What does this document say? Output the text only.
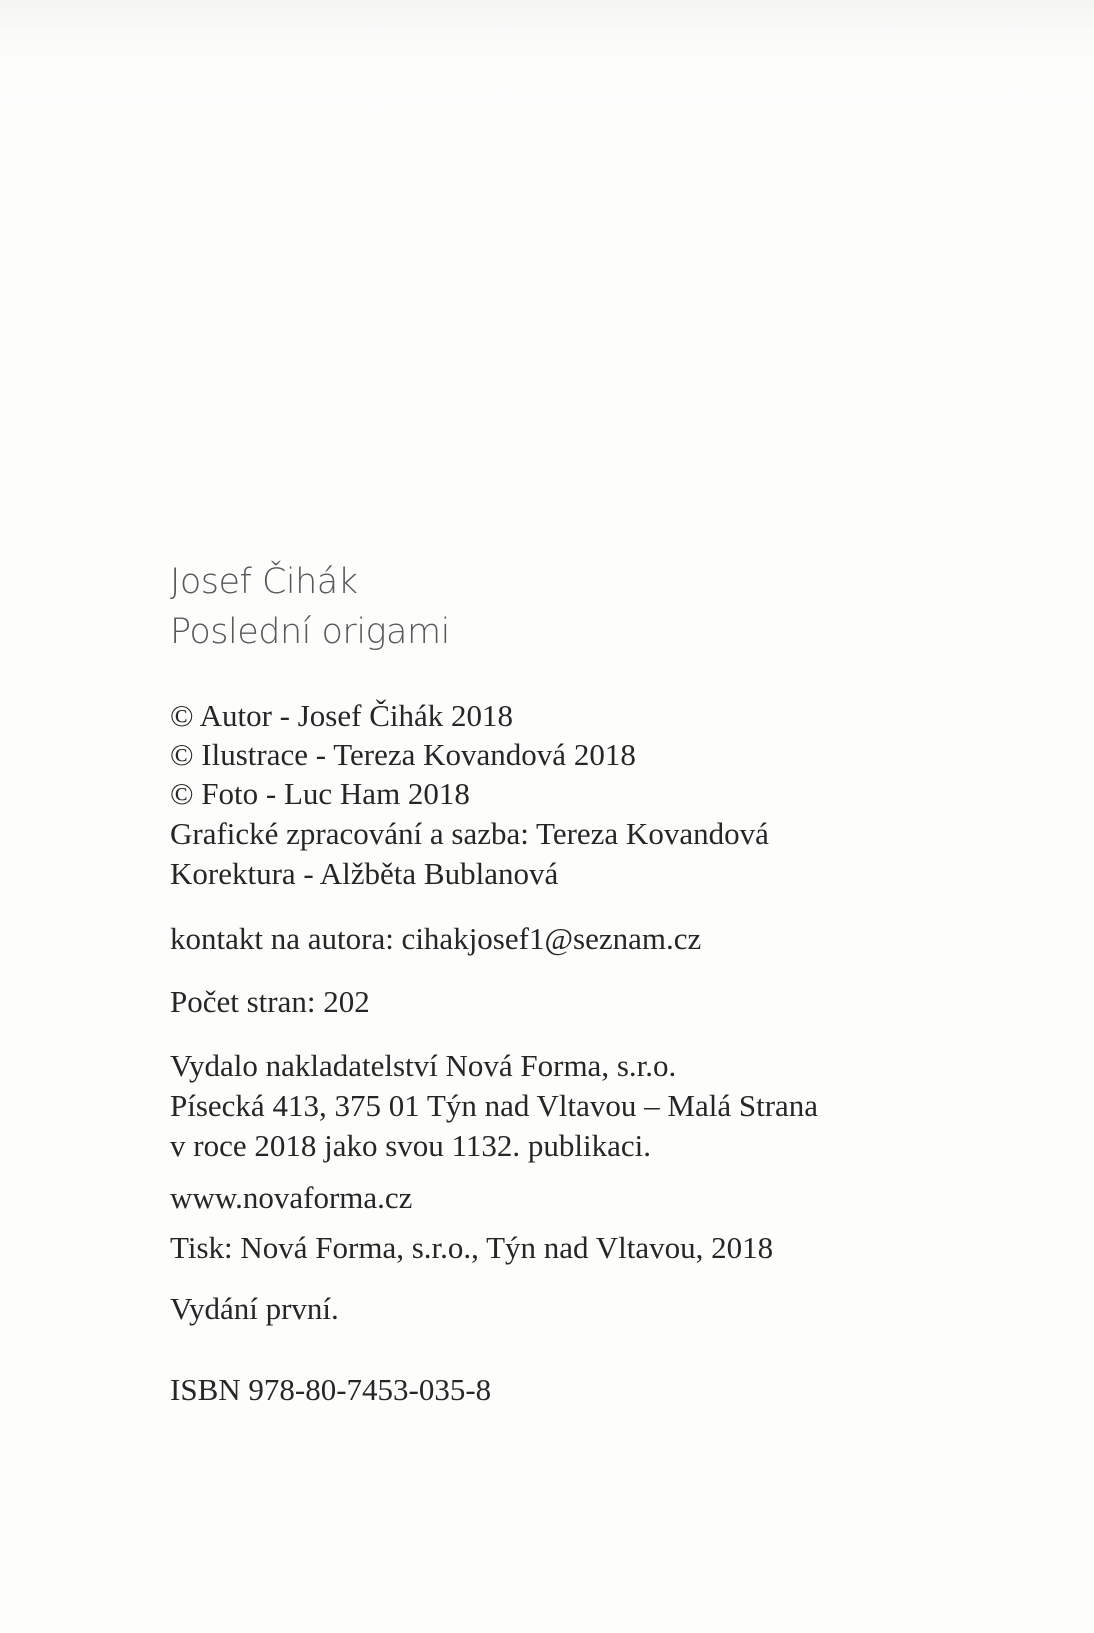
Josef Čihák
Poslední origami
© Autor - Josef Čihák 2018
© Ilustrace - Tereza Kovandová 2018
© Foto - Luc Ham 2018
Grafické zpracování a sazba: Tereza Kovandová
Korektura - Alžběta Bublanová
kontakt na autora: cihakjosef1@seznam.cz
Počet stran: 202
Vydalo nakladatelství Nová Forma, s.r.o.
Písecká 413, 375 01 Týn nad Vltavou – Malá Strana
v roce 2018 jako svou 1132. publikaci.
www.novaforma.cz
Tisk: Nová Forma, s.r.o., Týn nad Vltavou, 2018
Vydání první.
ISBN 978-80-7453-035-8
